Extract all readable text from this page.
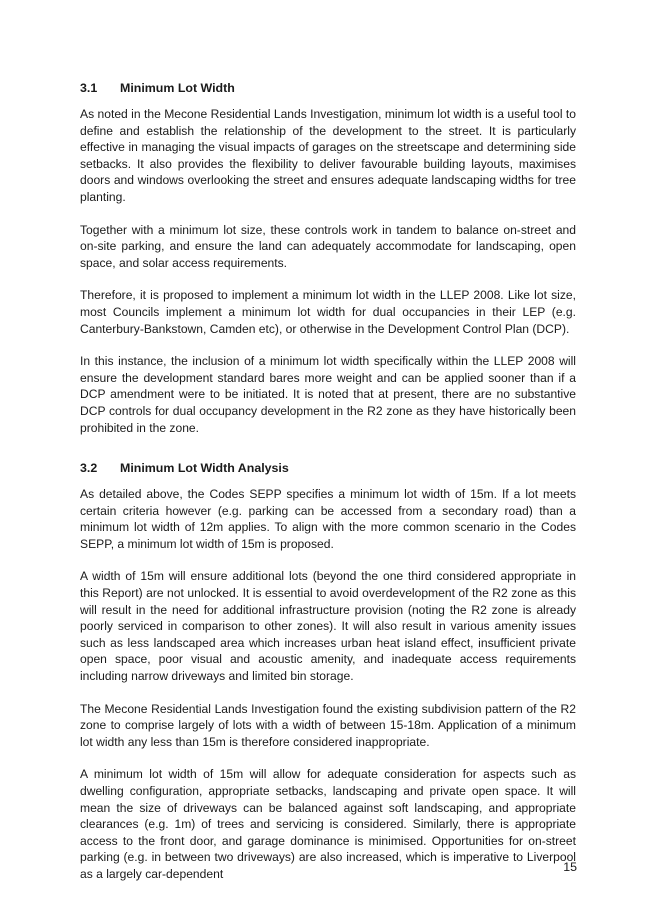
3.1	Minimum Lot Width

As noted in the Mecone Residential Lands Investigation, minimum lot width is a useful tool to define and establish the relationship of the development to the street. It is particularly effective in managing the visual impacts of garages on the streetscape and determining side setbacks. It also provides the flexibility to deliver favourable building layouts, maximises doors and windows overlooking the street and ensures adequate landscaping widths for tree planting.

Together with a minimum lot size, these controls work in tandem to balance on-street and on-site parking, and ensure the land can adequately accommodate for landscaping, open space, and solar access requirements.

Therefore, it is proposed to implement a minimum lot width in the LLEP 2008. Like lot size, most Councils implement a minimum lot width for dual occupancies in their LEP (e.g. Canterbury-Bankstown, Camden etc), or otherwise in the Development Control Plan (DCP).

In this instance, the inclusion of a minimum lot width specifically within the LLEP 2008 will ensure the development standard bares more weight and can be applied sooner than if a DCP amendment were to be initiated. It is noted that at present, there are no substantive DCP controls for dual occupancy development in the R2 zone as they have historically been prohibited in the zone.

3.2	Minimum Lot Width Analysis

As detailed above, the Codes SEPP specifies a minimum lot width of 15m. If a lot meets certain criteria however (e.g. parking can be accessed from a secondary road) than a minimum lot width of 12m applies. To align with the more common scenario in the Codes SEPP, a minimum lot width of 15m is proposed.

A width of 15m will ensure additional lots (beyond the one third considered appropriate in this Report) are not unlocked. It is essential to avoid overdevelopment of the R2 zone as this will result in the need for additional infrastructure provision (noting the R2 zone is already poorly serviced in comparison to other zones). It will also result in various amenity issues such as less landscaped area which increases urban heat island effect, insufficient private open space, poor visual and acoustic amenity, and inadequate access requirements including narrow driveways and limited bin storage.

The Mecone Residential Lands Investigation found the existing subdivision pattern of the R2 zone to comprise largely of lots with a width of between 15-18m. Application of a minimum lot width any less than 15m is therefore considered inappropriate.

A minimum lot width of 15m will allow for adequate consideration for aspects such as dwelling configuration, appropriate setbacks, landscaping and private open space. It will mean the size of driveways can be balanced against soft landscaping, and appropriate clearances (e.g. 1m) of trees and servicing is considered. Similarly, there is appropriate access to the front door, and garage dominance is minimised. Opportunities for on-street parking (e.g. in between two driveways) are also increased, which is imperative to Liverpool as a largely car-dependent	15
